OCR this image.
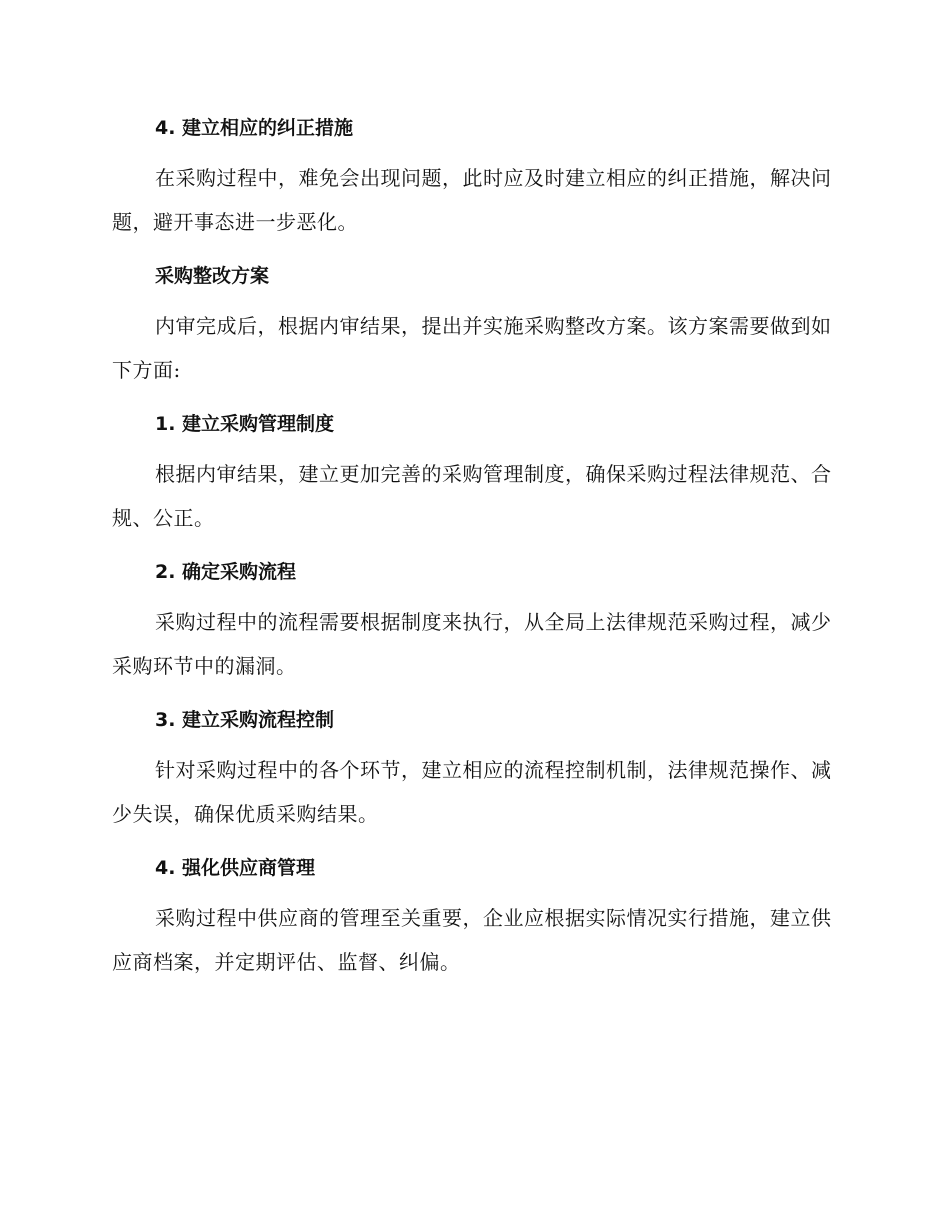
4. 建立相应的纠正措施

在采购过程中，难免会出现问题，此时应及时建立相应的纠正措施，解决问题，避开事态进一步恶化。

采购整改方案

内审完成后，根据内审结果，提出并实施采购整改方案。该方案需要做到如下方面:

1. 建立采购管理制度

根据内审结果，建立更加完善的采购管理制度，确保采购过程法律规范、合规、公正。

2. 确定采购流程

采购过程中的流程需要根据制度来执行，从全局上法律规范采购过程，减少采购环节中的漏洞。

3. 建立采购流程控制

针对采购过程中的各个环节，建立相应的流程控制机制，法律规范操作、减少失误，确保优质采购结果。

4. 强化供应商管理

采购过程中供应商的管理至关重要，企业应根据实际情况实行措施，建立供应商档案，并定期评估、监督、纠偏。
